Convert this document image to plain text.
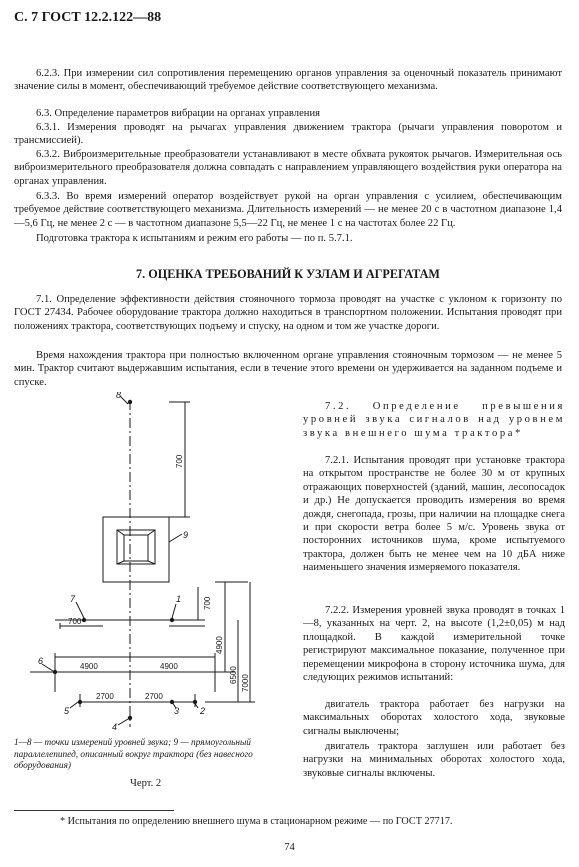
С. 7 ГОСТ 12.2.122—88

6.2.3. При измерении сил сопротивления перемещению органов управления за оценочный показатель принимают значение силы в момент, обеспечивающий требуемое действие соответствующего механизма.

6.3. Определение параметров вибрации на органах управления

6.3.1. Измерения проводят на рычагах управления движением трактора (рычаги управления поворотом и трансмиссией).

6.3.2. Виброизмерительные преобразователи устанавливают в месте обхвата рукояток рычагов. Измерительная ось виброизмерительного преобразователя должна совпадать с направлением управляющего воздействия руки оператора на органах управления.

6.3.3. Во время измерений оператор воздействует рукой на орган управления с усилием, обеспечивающим требуемое действие соответствующего механизма. Длительность измерений — не менее 20 с в частотном диапазоне 1,4—5,6 Гц, не менее 2 с — в частотном диапазоне 5,5—22 Гц, не менее 1 с на частотах более 22 Гц.

Подготовка трактора к испытаниям и режим его работы — по п. 5.7.1.

7. ОЦЕНКА ТРЕБОВАНИЙ К УЗЛАМ И АГРЕГАТАМ

7.1. Определение эффективности действия стояночного тормоза проводят на участке с уклоном к горизонту по ГОСТ 27434. Рабочее оборудование трактора должно находиться в транспортном положении. Испытания проводят при положениях трактора, соответствующих подъему и спуску, на одном и том же участке дороги.

Время нахождения трактора при полностью включенном органе управления стояночным тормозом — не менее 5 мин. Трактор считают выдержавшим испытания, если в течение этого времени он удерживается на заданном подъеме и спуске.

7.2. Определение превышения уровней звука сигналов над уровнем звука внешнего шума трактора*

7.2.1. Испытания проводят при установке трактора на открытом пространстве не более 30 м от крупных отражающих поверхностей (зданий, машин, лесопосадок и др.) Не допускается проводить измерения во время дождя, снегопада, грозы, при наличии на площадке снега и при скорости ветра более 5 м/с. Уровень звука от посторонних источников шума, кроме испытуемого трактора, должен быть не менее чем на 10 дБА ниже наименьшего значения измеряемого показателя.

7.2.2. Измерения уровней звука проводят в точках 1—8, указанных на черт. 2, на высоте (1,2±0,05) м над площадкой. В каждой измерительной точке регистрируют максимальное показание, полученное при перемещении микрофона в сторону источника шума, для следующих режимов испытаний:

двигатель трактора работает без нагрузки на максимальных оборотах холостого хода, звуковые сигналы выключены;

двигатель трактора заглушен или работает без нагрузки на минимальных оборотах холостого хода, звуковые сигналы включены.

8
9
7	1
6
5	3 2
4
700
700
700
4900	4900
2700	2700
4900
6500 7000

1—8 — точки измерений уровней звука; 9 — прямоугольный параллелепипед, описанный вокруг трактора (без навесного оборудования)

Черт. 2
* Испытания по определению внешнего шума в стационарном режиме — по ГОСТ 27717.
74
